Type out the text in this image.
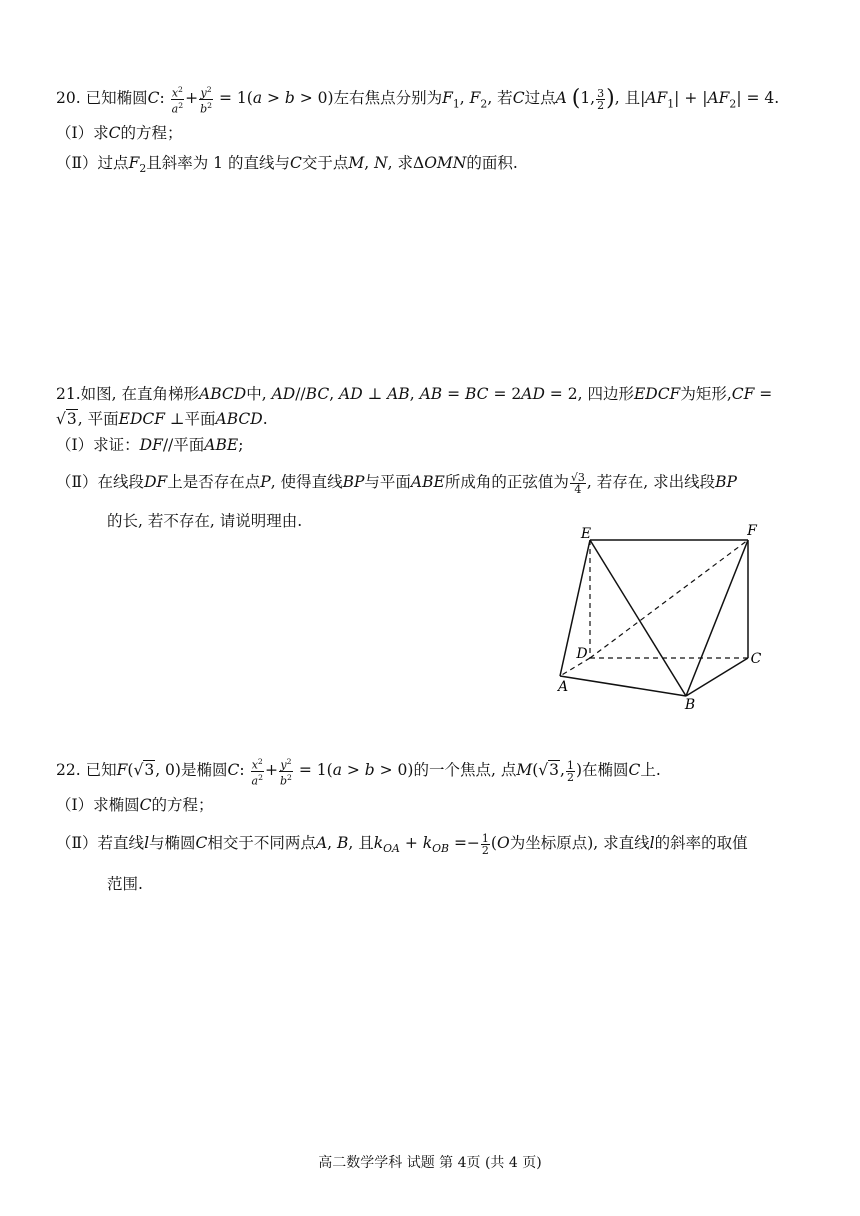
20. 已知椭圆C: $\frac{x^2}{a^2} + \frac{y^2}{b^2} = 1(a > b > 0)$左右焦点分别为$F_1$, $F_2$, 若C过点A (1, $\frac{3}{2}$ ), 且$|AF_1| + |AF_2| = 4$.
（Ⅰ）求C的方程；
（Ⅱ）过点$F_2$且斜率为 1 的直线与C交于点M, N, 求ΔOMN的面积.
21.如图, 在直角梯形ABCD中, AD//BC, AD ⊥ AB, AB = BC = 2AD = 2, 四边形EDCF为矩形,CF =
√3, 平面EDCF ⊥平面ABCD.
（Ⅰ）求证：DF//平面ABE;
（Ⅱ）在线段DF上是否存在点P, 使得直线BP与平面ABE所成角的正弦值为 $\frac{√3}{4}$ , 若存在, 求出线段BP
的长, 若不存在, 请说明理由.
E	F
D	C
A
B
22. 已知F(√3, 0)是椭圆C: $\frac{x^2}{a^2} + \frac{y^2}{b^2} = 1(a > b > 0)$的一个焦点, 点M(√3, $\frac{1}{2}$ )在椭圆C上.
（Ⅰ）求椭圆C的方程；
（Ⅱ）若直线l与椭圆C相交于不同两点A, B, 且$k_{OA} + k_{OB} =- \frac{1}{2} (O$为坐标原点), 求直线l的斜率的取值
范围.
高二数学学科 试题 第 4页 (共 4 页)
